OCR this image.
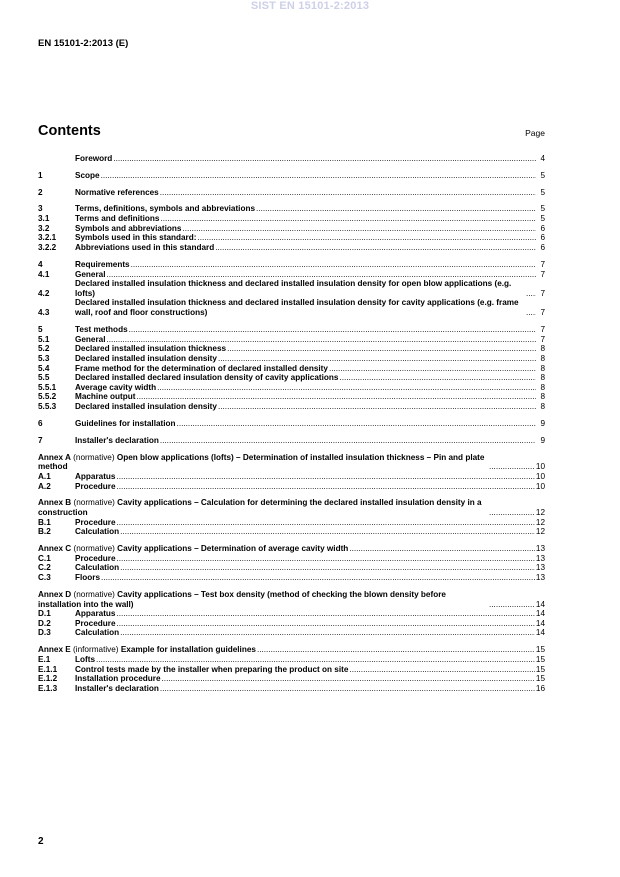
SIST EN 15101-2:2013
EN 15101-2:2013 (E)
Contents	Page
Foreword .....	4
1	Scope .....	5
2	Normative references .....	5
3	Terms, definitions, symbols and abbreviations .....	5
3.1	Terms and definitions .....	5
3.2	Symbols and abbreviations .....	6
3.2.1	Symbols used in this standard: .....	6
3.2.2	Abbreviations used in this standard .....	6
4	Requirements .....	7
4.1	General .....	7
4.2
Declared installed insulation thickness and declared installed insulation density for open blow applications (e.g. lofts) .....	7
4.3
Declared installed insulation thickness and declared installed insulation density for cavity applications (e.g. frame wall, roof and floor constructions) .....	7
5	Test methods .....	7
5.1	General .....	7
5.2	Declared installed insulation thickness .....	8
5.3	Declared installed insulation density .....	8
5.4	Frame method for the determination of declared installed density .....	8
5.5	Declared installed declared insulation density of cavity applications .....	8
5.5.1	Average cavity width .....	8
5.5.2	Machine output .....	8
5.5.3	Declared installed insulation density .....	8
6	Guidelines for installation .....	9
7	Installer's declaration .....	9
Annex A (normative) Open blow applications (lofts) – Determination of installed insulation thickness – Pin and plate method .....	10
A.1	Apparatus .....	10
A.2	Procedure .....	10
Annex B (normative) Cavity applications – Calculation for determining the declared installed insulation density in a construction .....	12
B.1	Procedure .....	12
B.2	Calculation .....	12
Annex C (normative) Cavity applications – Determination of average cavity width .....	13
C.1	Procedure .....	13
C.2	Calculation .....	13
C.3	Floors .....	13
Annex D (normative) Cavity applications – Test box density (method of checking the blown density before installation into the wall) .....	14
D.1	Apparatus .....	14
D.2	Procedure .....	14
D.3	Calculation .....	14
Annex E (informative) Example for installation guidelines .....	15
E.1	Lofts .....	15
E.1.1	Control tests made by the installer when preparing the product on site .....	15
E.1.2	Installation procedure .....	15
E.1.3	Installer's declaration .....	16
2
